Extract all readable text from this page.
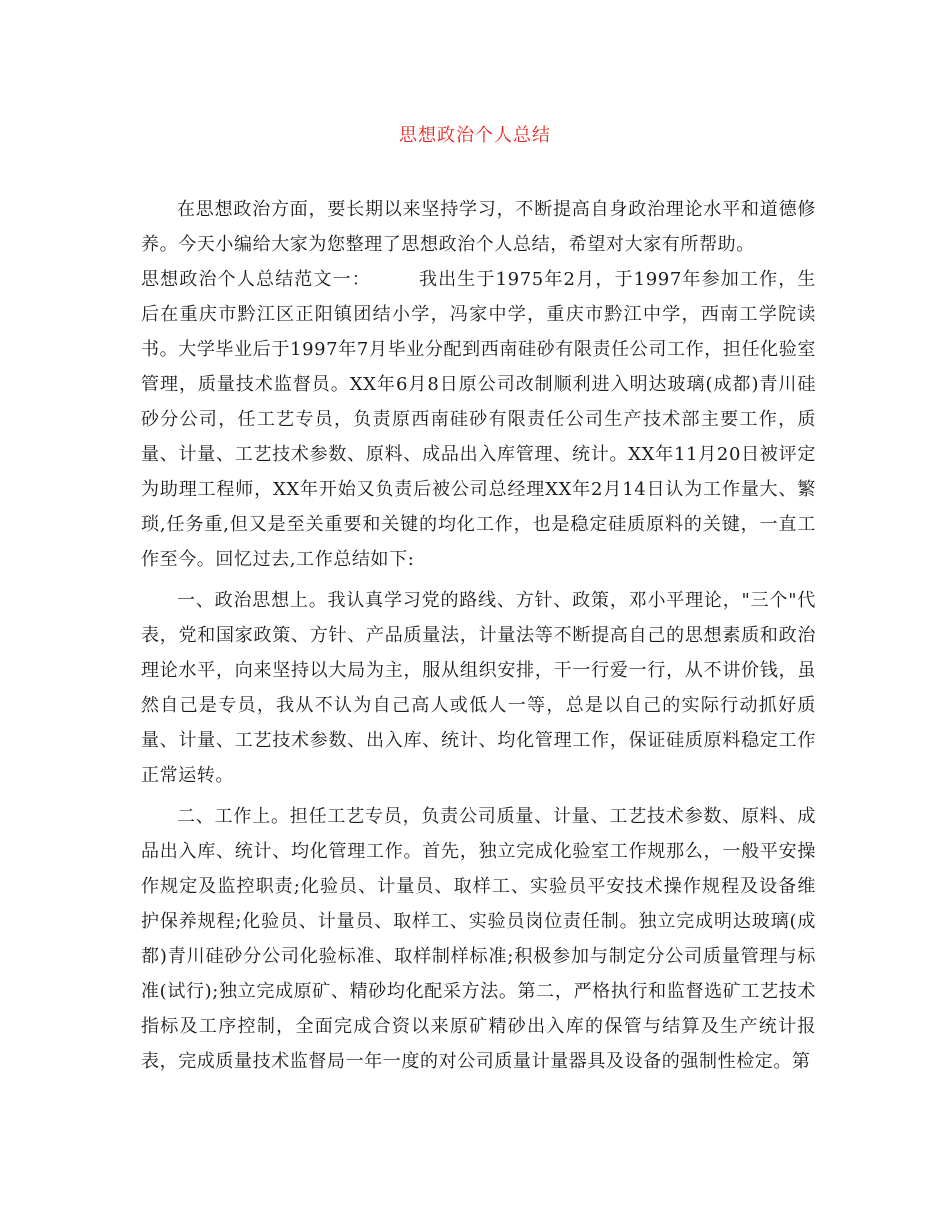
思想政治个人总结

在思想政治方面，要长期以来坚持学习，不断提高自身政治理论水平和道德修养。今天小编给大家为您整理了思想政治个人总结，希望对大家有所帮助。

思想政治个人总结范文一：	我出生于1975年2月，于1997年参加工作，生后在重庆市黔江区正阳镇团结小学，冯家中学，重庆市黔江中学，西南工学院读书。大学毕业后于1997年7月毕业分配到西南硅砂有限责任公司工作，担任化验室管理，质量技术监督员。XX年6月8日原公司改制顺利进入明达玻璃(成都)青川硅砂分公司，任工艺专员，负责原西南硅砂有限责任公司生产技术部主要工作，质量、计量、工艺技术参数、原料、成品出入库管理、统计。XX年11月20日被评定为助理工程师，XX年开始又负责后被公司总经理XX年2月14日认为工作量大、繁琐,任务重,但又是至关重要和关键的均化工作，也是稳定硅质原料的关键，一直工作至今。回忆过去,工作总结如下:

一、政治思想上。我认真学习党的路线、方针、政策，邓小平理论，"三个"代表，党和国家政策、方针、产品质量法，计量法等不断提高自己的思想素质和政治理论水平，向来坚持以大局为主，服从组织安排，干一行爱一行，从不讲价钱，虽然自己是专员，我从不认为自己高人或低人一等，总是以自己的实际行动抓好质量、计量、工艺技术参数、出入库、统计、均化管理工作，保证硅质原料稳定工作正常运转。

二、工作上。担任工艺专员，负责公司质量、计量、工艺技术参数、原料、成品出入库、统计、均化管理工作。首先，独立完成化验室工作规那么，一般平安操作规定及监控职责;化验员、计量员、取样工、实验员平安技术操作规程及设备维护保养规程;化验员、计量员、取样工、实验员岗位责任制。独立完成明达玻璃(成都)青川硅砂分公司化验标准、取样制样标准;积极参加与制定分公司质量管理与标准(试行);独立完成原矿、精砂均化配采方法。第二，严格执行和监督选矿工艺技术指标及工序控制，全面完成合资以来原矿精砂出入库的保管与结算及生产统计报表，完成质量技术监督局一年一度的对公司质量计量器具及设备的强制性检定。第
